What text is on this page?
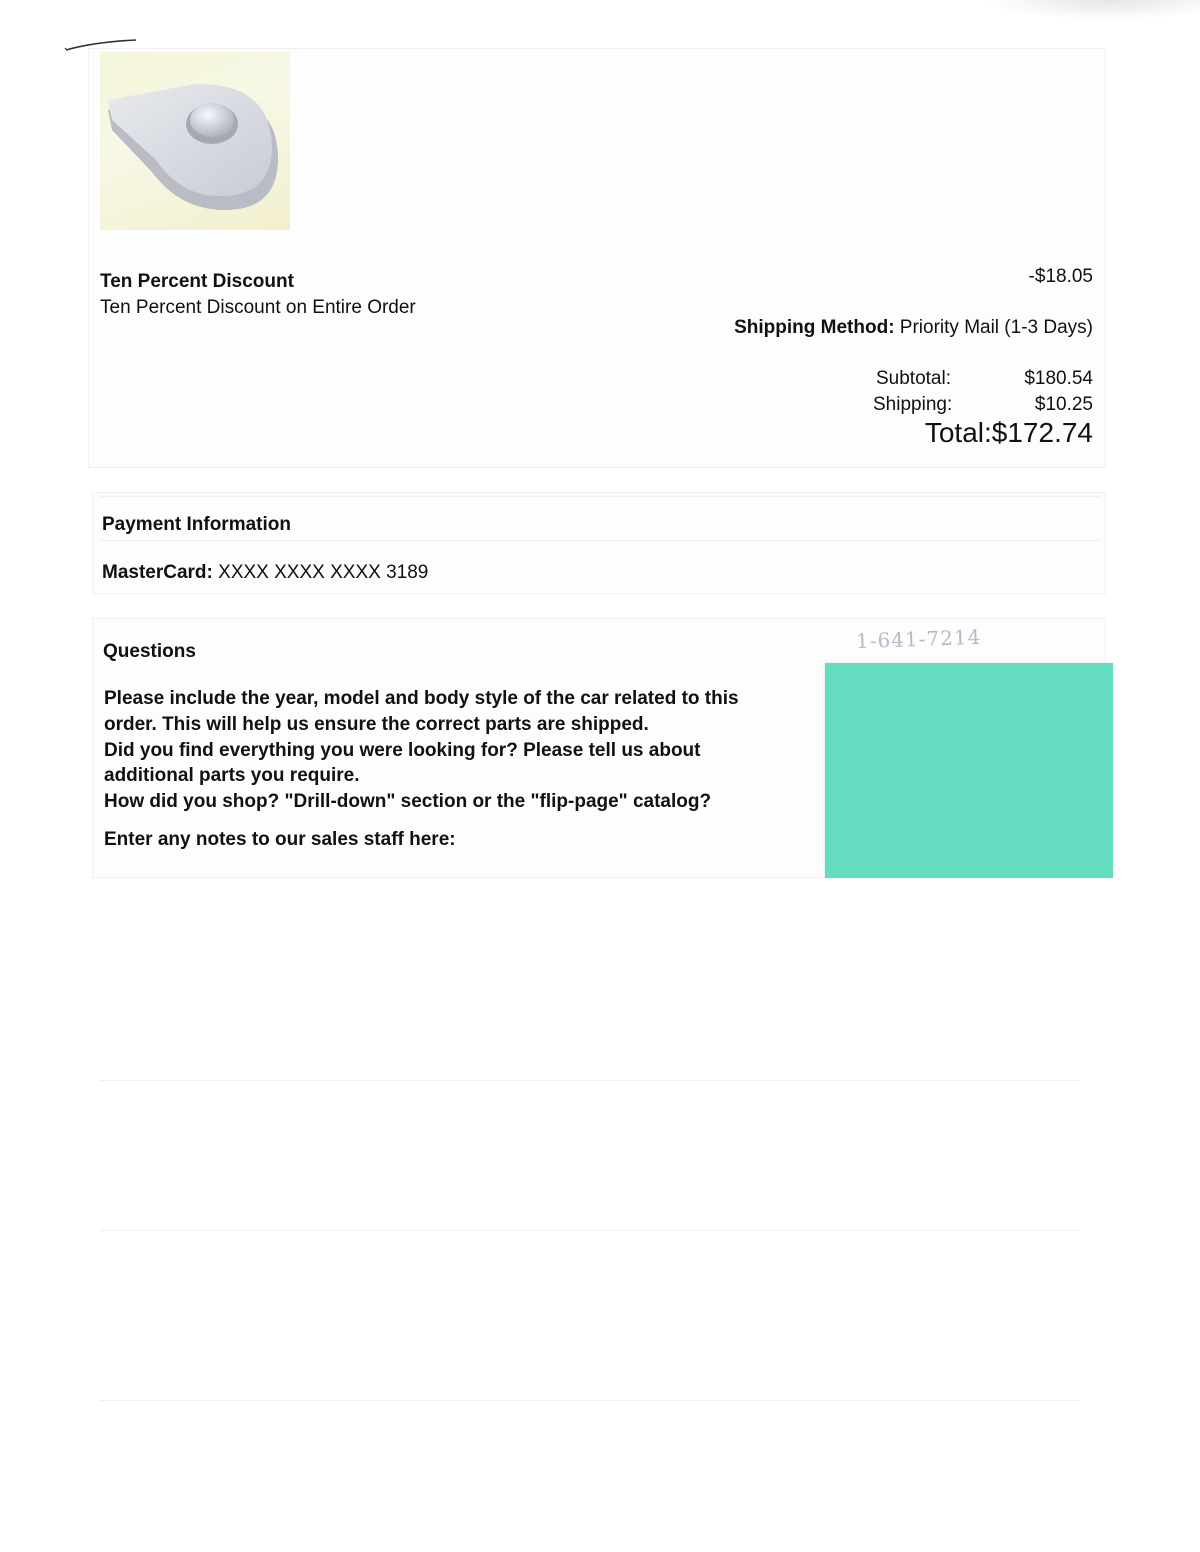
Ten Percent Discount
Ten Percent Discount on Entire Order
-$18.05
Shipping Method: Priority Mail (1-3 Days)
Subtotal:	$180.54
Shipping:	$10.25
Total:$172.74
Payment Information
MasterCard: XXXX XXXX XXXX 3189
Questions
Please include the year, model and body style of the car related to this
order. This will help us ensure the correct parts are shipped.
Did you find everything you were looking for? Please tell us about
additional parts you require.
How did you shop? "Drill-down" section or the "flip-page" catalog?
Enter any notes to our sales staff here:
1-641-7214
